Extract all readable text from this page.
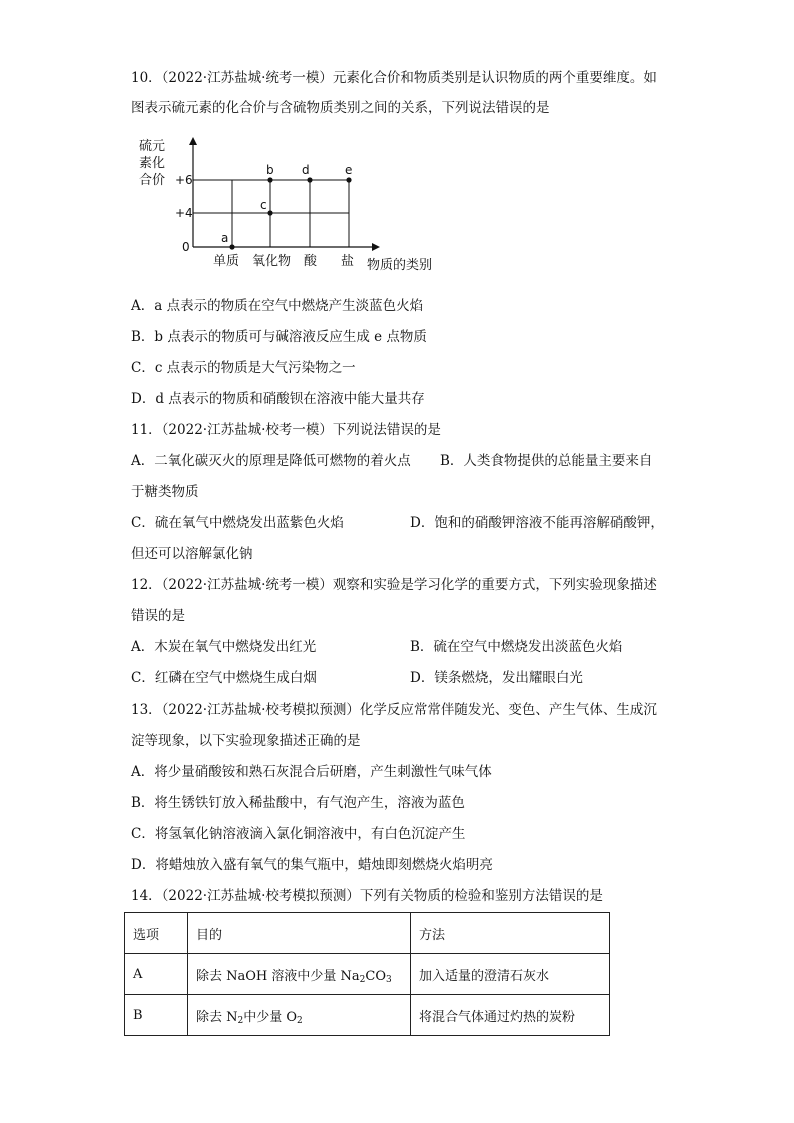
10．（2022·江苏盐城·统考一模）元素化合价和物质类别是认识物质的两个重要维度。如
图表示硫元素的化合价与含硫物质类别之间的关系，下列说法错误的是
硫元
素化
合价 +6
+4
0
单质 氧化物 酸 盐 物质的类别
a
b
c
d	e
A．a 点表示的物质在空气中燃烧产生淡蓝色火焰
B．b 点表示的物质可与碱溶液反应生成 e 点物质
C．c 点表示的物质是大气污染物之一
D．d 点表示的物质和硝酸钡在溶液中能大量共存
11．（2022·江苏盐城·校考一模）下列说法错误的是
A．二氧化碳灭火的原理是降低可燃物的着火点 B．人类食物提供的总能量主要来自
于糖类物质
C．硫在氧气中燃烧发出蓝紫色火焰	D．饱和的硝酸钾溶液不能再溶解硝酸钾，
但还可以溶解氯化钠
12．（2022·江苏盐城·统考一模）观察和实验是学习化学的重要方式，下列实验现象描述
错误的是
A．木炭在氧气中燃烧发出红光	B．硫在空气中燃烧发出淡蓝色火焰
C．红磷在空气中燃烧生成白烟	D．镁条燃烧，发出耀眼白光
13．（2022·江苏盐城·校考模拟预测）化学反应常常伴随发光、变色、产生气体、生成沉
淀等现象，以下实验现象描述正确的是
A．将少量硝酸铵和熟石灰混合后研磨，产生刺激性气味气体
B．将生锈铁钉放入稀盐酸中，有气泡产生，溶液为蓝色
C．将氢氧化钠溶液滴入氯化铜溶液中，有白色沉淀产生
D．将蜡烛放入盛有氧气的集气瓶中，蜡烛即刻燃烧火焰明亮
14．（2022·江苏盐城·校考模拟预测）下列有关物质的检验和鉴别方法错误的是
选项	目的	方法
A	除去 NaOH 溶液中少量 $Na_2CO_3$	加入适量的澄清石灰水
B	除去 $N_2$中少量 $O_2$	将混合气体通过灼热的炭粉
